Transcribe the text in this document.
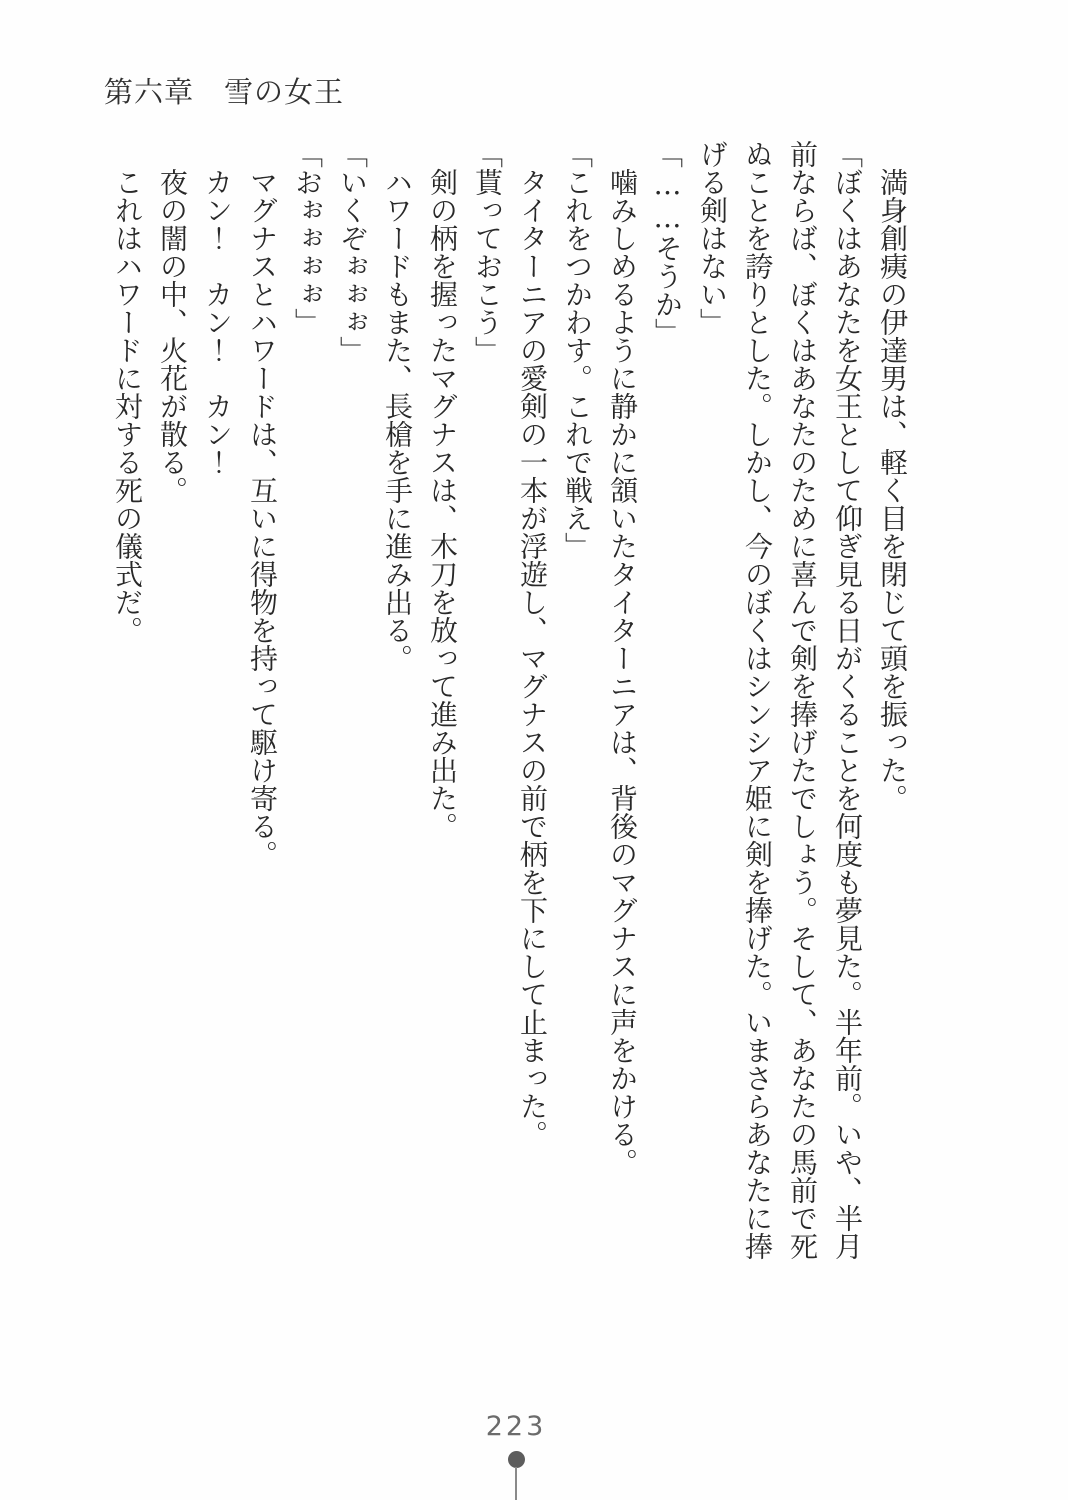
第六章　雪の女王
　満身創痍の伊達男は、軽く目を閉じて頭を振った。
「ぼくはあなたを女王として仰ぎ見る日がくることを何度も夢見た。半年前。いや、半月
前ならば、ぼくはあなたのために喜んで剣を捧げたでしょう。そして、あなたの馬前で死
ぬことを誇りとした。しかし、今のぼくはシンシア姫に剣を捧げた。いまさらあなたに捧
げる剣はない」
「……そうか」
　噛みしめるように静かに頷いたタイターニアは、背後のマグナスに声をかける。
「これをつかわす。これで戦え」
　タイターニアの愛剣の一本が浮遊し、マグナスの前で柄を下にして止まった。
「貰っておこう」
　剣の柄を握ったマグナスは、木刀を放って進み出た。
　ハワードもまた、長槍を手に進み出る。
「いくぞぉぉぉ」
「おぉぉぉぉ」
　マグナスとハワードは、互いに得物を持って駆け寄る。
　カン！　カン！　カン！
　夜の闇の中、火花が散る。
　これはハワードに対する死の儀式だ。
223
